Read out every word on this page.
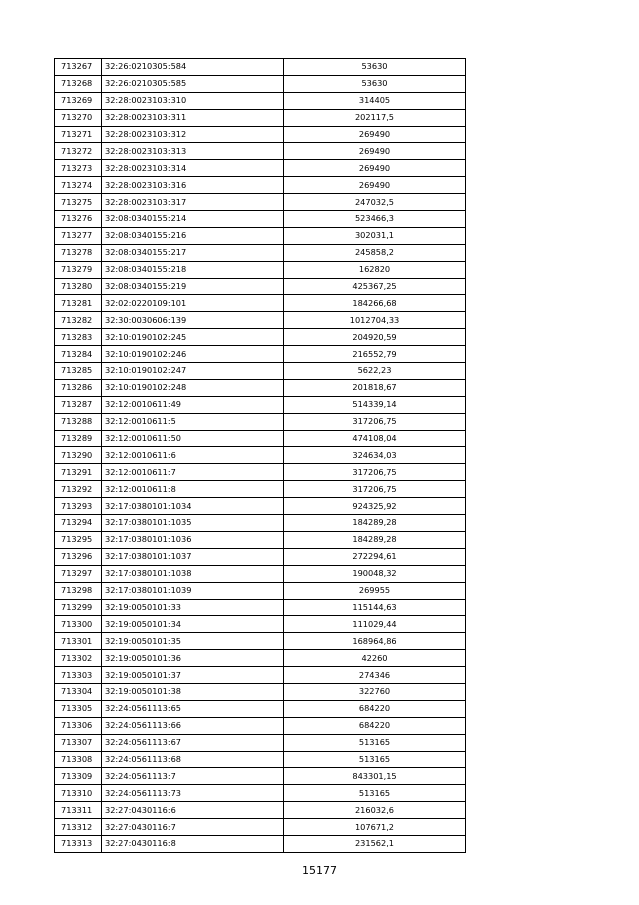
713267	32:26:0210305:584	53630
713268	32:26:0210305:585	53630
713269	32:28:0023103:310	314405
713270	32:28:0023103:311	202117,5
713271	32:28:0023103:312	269490
713272	32:28:0023103:313	269490
713273	32:28:0023103:314	269490
713274	32:28:0023103:316	269490
713275	32:28:0023103:317	247032,5
713276	32:08:0340155:214	523466,3
713277	32:08:0340155:216	302031,1
713278	32:08:0340155:217	245858,2
713279	32:08:0340155:218	162820
713280	32:08:0340155:219	425367,25
713281	32:02:0220109:101	184266,68
713282	32:30:0030606:139	1012704,33
713283	32:10:0190102:245	204920,59
713284	32:10:0190102:246	216552,79
713285	32:10:0190102:247	5622,23
713286	32:10:0190102:248	201818,67
713287	32:12:0010611:49	514339,14
713288	32:12:0010611:5	317206,75
713289	32:12:0010611:50	474108,04
713290	32:12:0010611:6	324634,03
713291	32:12:0010611:7	317206,75
713292	32:12:0010611:8	317206,75
713293	32:17:0380101:1034	924325,92
713294	32:17:0380101:1035	184289,28
713295	32:17:0380101:1036	184289,28
713296	32:17:0380101:1037	272294,61
713297	32:17:0380101:1038	190048,32
713298	32:17:0380101:1039	269955
713299	32:19:0050101:33	115144,63
713300	32:19:0050101:34	111029,44
713301	32:19:0050101:35	168964,86
713302	32:19:0050101:36	42260
713303	32:19:0050101:37	274346
713304	32:19:0050101:38	322760
713305	32:24:0561113:65	684220
713306	32:24:0561113:66	684220
713307	32:24:0561113:67	513165
713308	32:24:0561113:68	513165
713309	32:24:0561113:7	843301,15
713310	32:24:0561113:73	513165
713311	32:27:0430116:6	216032,6
713312	32:27:0430116:7	107671,2
713313	32:27:0430116:8	231562,1
15177
